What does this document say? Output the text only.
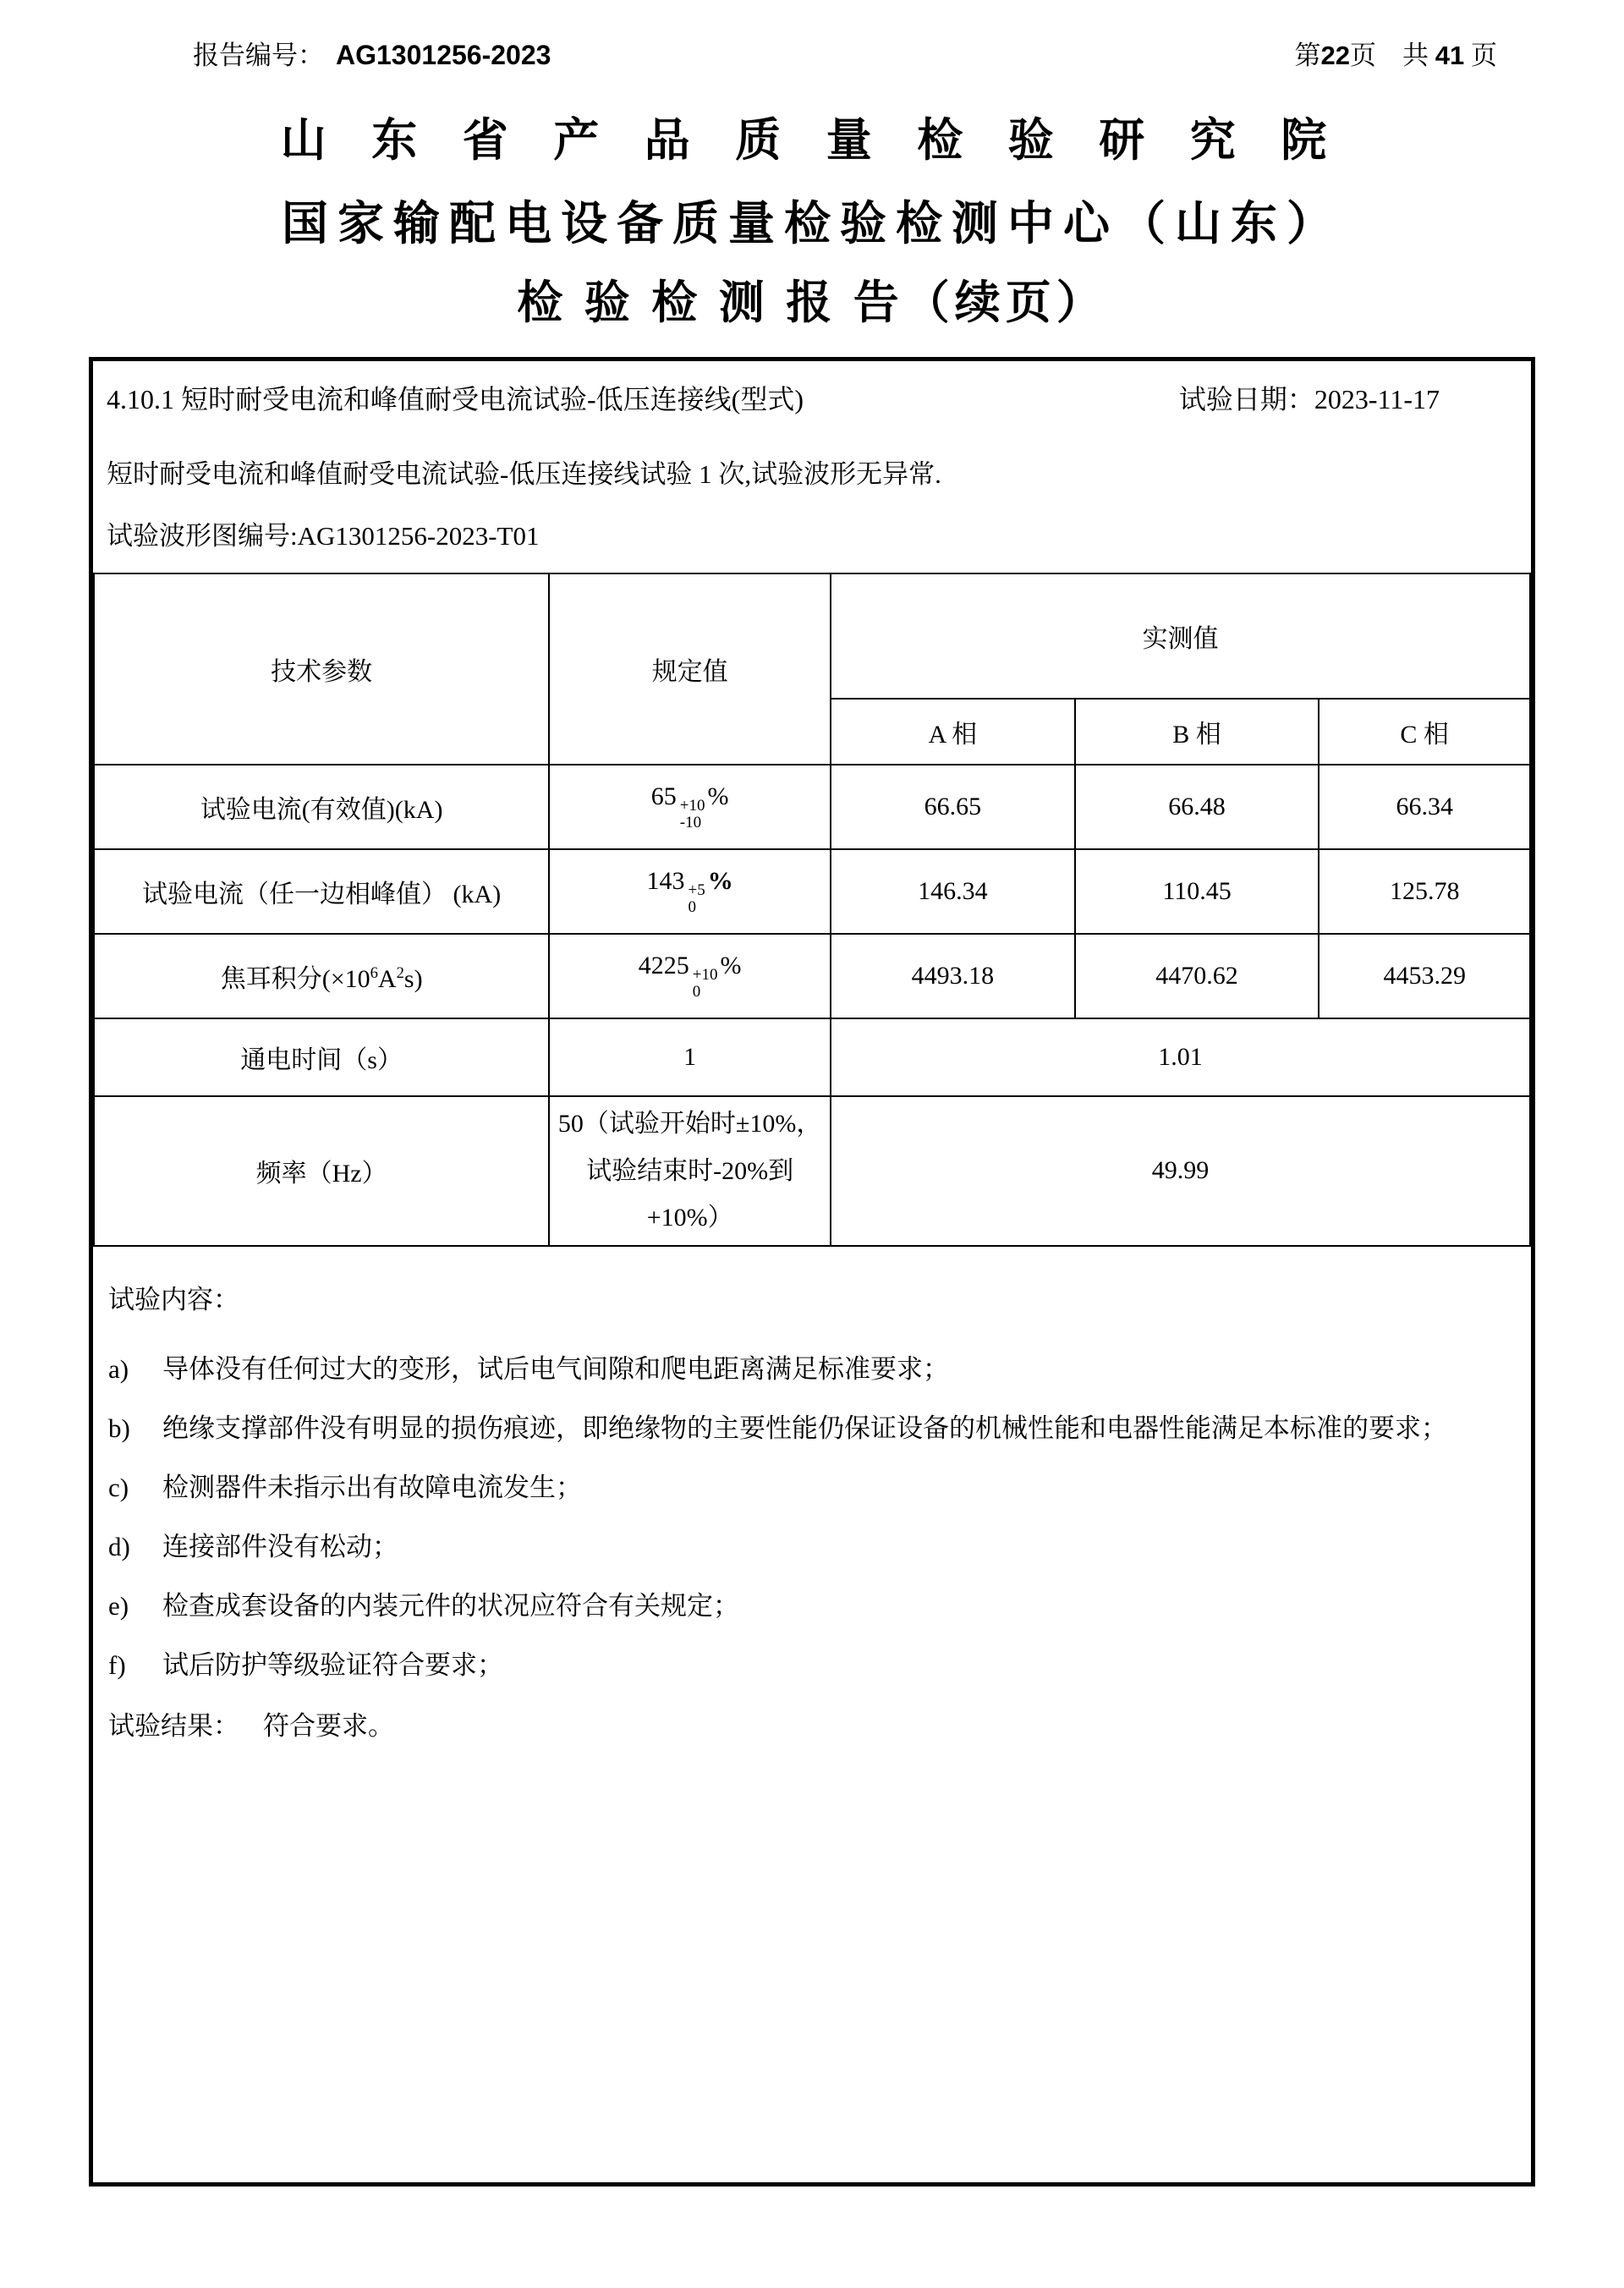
报告编号： AG1301256-2023	第22页　共 41 页
山 东 省 产 品 质 量 检 验 研 究 院
国家输配电设备质量检验检测中心（山东）
检 验 检 测 报 告（续页）
4.10.1 短时耐受电流和峰值耐受电流试验-低压连接线(型式)	试验日期：2023-11-17
短时耐受电流和峰值耐受电流试验-低压连接线试验 1 次,试验波形无异常.
试验波形图编号:AG1301256-2023-T01
技术参数	规定值	实测值		
		A 相	B 相	C 相
试验电流(有效值)(kA)	65 +10
-10
%	66.65	66.48	66.34
试验电流（任一边相峰值） (kA)	143 +5
0
%	146.34	110.45	125.78
焦耳积分$(\times 10^6A^2s)$	4225 +10
0
%	4493.18	4470.62	4453.29
通电时间（s）	1	1.01		
频率（Hz）	50（试验开始时±10%，试验结束时-20%到+10%）	49.99		
试验内容：
a)	导体没有任何过大的变形，试后电气间隙和爬电距离满足标准要求；
b)	绝缘支撑部件没有明显的损伤痕迹，即绝缘物的主要性能仍保证设备的机械性能和电器性能满足本标准的要求；
c)	检测器件未指示出有故障电流发生；
d)	连接部件没有松动；
e)	检查成套设备的内装元件的状况应符合有关规定；
f)	试后防护等级验证符合要求；
试验结果： 符合要求。
